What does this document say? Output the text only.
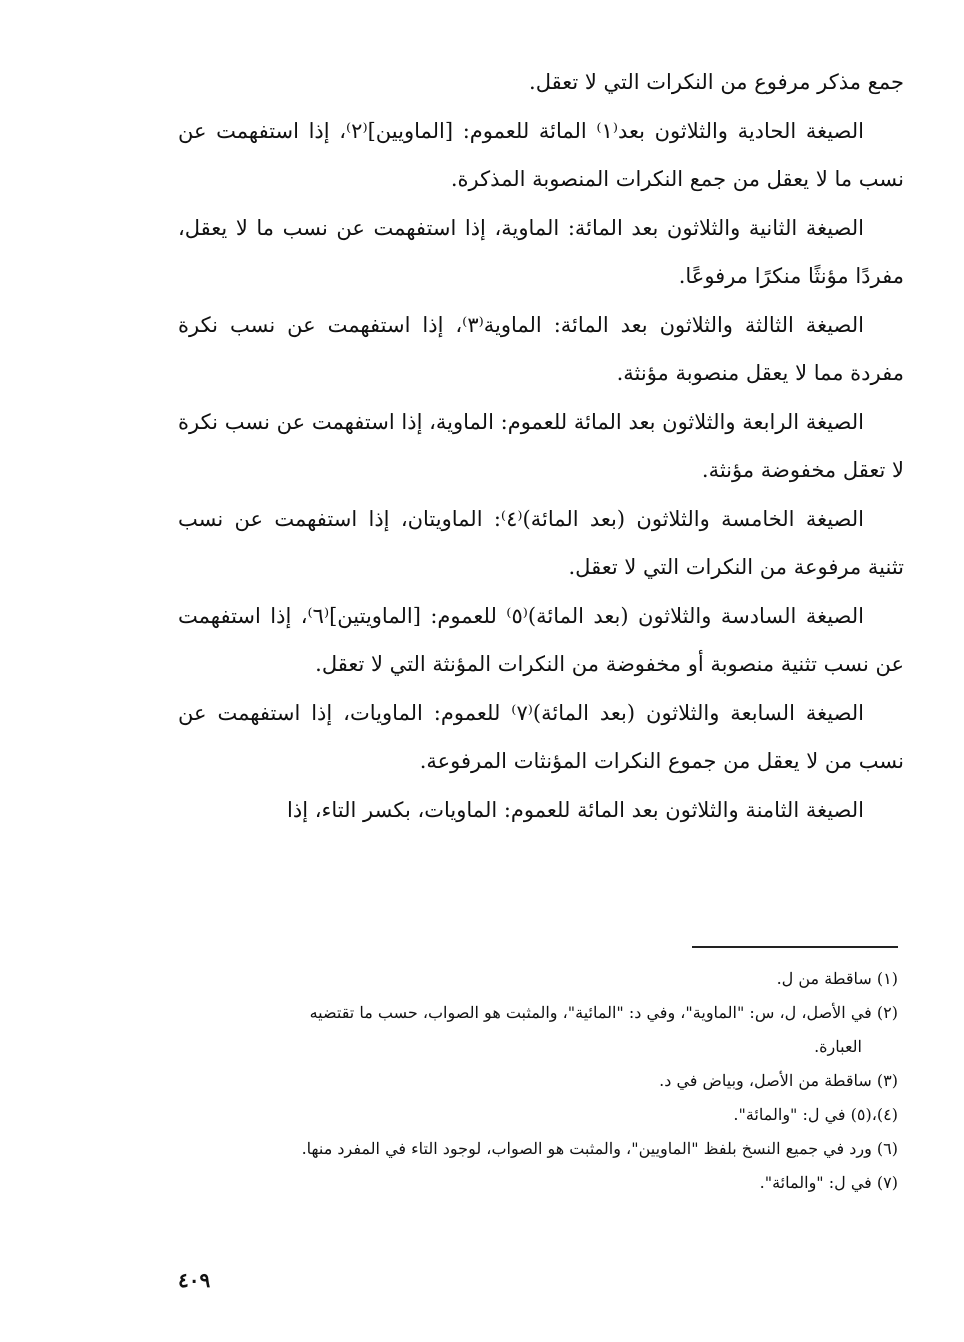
جمع مذكر مرفوع من النكرات التي لا تعقل.

الصيغة الحادية والثلاثون بعد⁽١⁾ المائة للعموم: [الماويين]⁽٢⁾، إذا استفهمت عن نسب ما لا يعقل من جمع النكرات المنصوبة المذكرة.

الصيغة الثانية والثلاثون بعد المائة: الماوية، إذا استفهمت عن نسب ما لا يعقل، مفردًا مؤنثًا منكرًا مرفوعًا.

الصيغة الثالثة والثلاثون بعد المائة: الماوية⁽٣⁾، إذا استفهمت عن نسب نكرة مفردة مما لا يعقل منصوبة مؤنثة.

الصيغة الرابعة والثلاثون بعد المائة للعموم: الماوية، إذا استفهمت عن نسب نكرة لا تعقل مخفوضة مؤنثة.

الصيغة الخامسة والثلاثون (بعد المائة)⁽٤⁾: الماويتان، إذا استفهمت عن نسب تثنية مرفوعة من النكرات التي لا تعقل.

الصيغة السادسة والثلاثون (بعد المائة)⁽٥⁾ للعموم: [الماويتين]⁽٦⁾، إذا استفهمت عن نسب تثنية منصوبة أو مخفوضة من النكرات المؤنثة التي لا تعقل.

الصيغة السابعة والثلاثون (بعد المائة)⁽٧⁾ للعموم: الماويات، إذا استفهمت عن نسب من لا يعقل من جموع النكرات المؤنثات المرفوعة.

الصيغة الثامنة والثلاثون بعد المائة للعموم: الماويات، بكسر التاء، إذا

(١) ساقطة من ل.

(٢) في الأصل، ل، س: "الماوية"، وفي د: "المائية"، والمثبت هو الصواب، حسب ما تقتضيه

العبارة.

(٣) ساقطة من الأصل، وبياض في د.

(٤)،(٥) في ل: "والمائة".

(٦) ورد في جميع النسخ بلفظ "الماويين"، والمثبت هو الصواب، لوجود التاء في المفرد منها.

(٧) في ل: "والمائة".

٤٠٩
